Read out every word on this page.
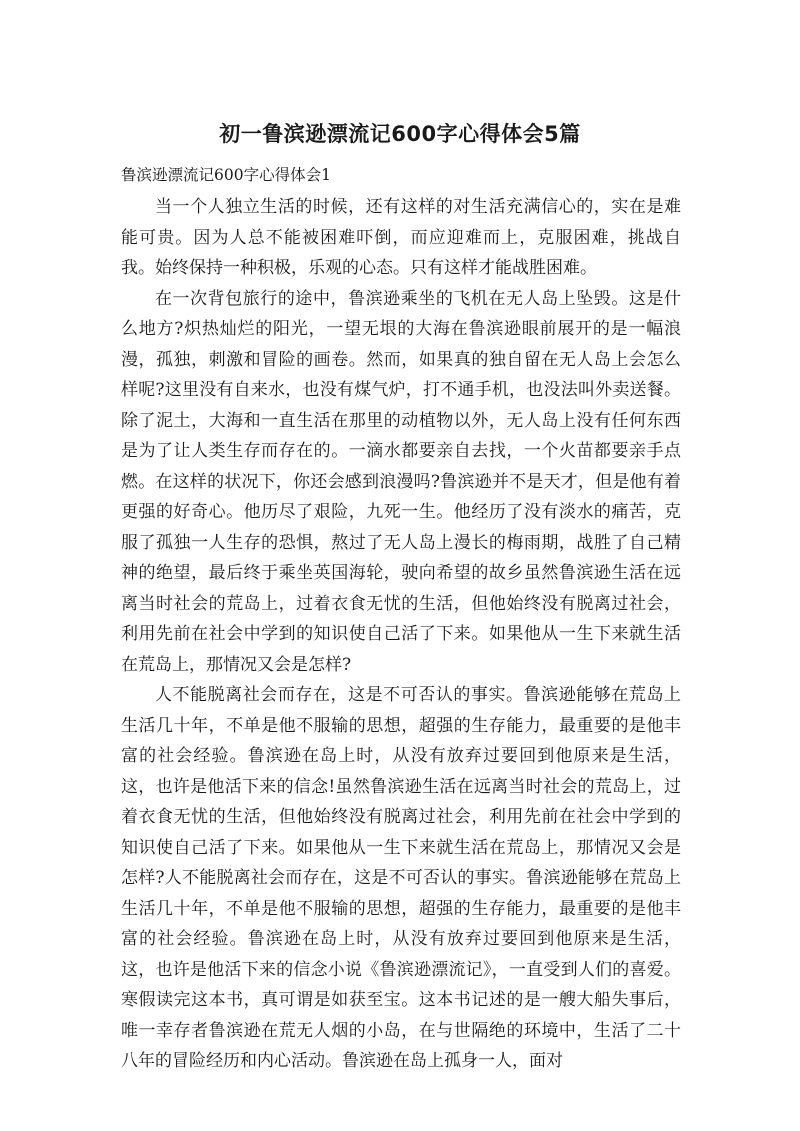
初一鲁滨逊漂流记600字心得体会5篇

鲁滨逊漂流记600字心得体会1

当一个人独立生活的时候，还有这样的对生活充满信心的，实在是难能可贵。因为人总不能被困难吓倒，而应迎难而上，克服困难，挑战自我。始终保持一种积极，乐观的心态。只有这样才能战胜困难。

在一次背包旅行的途中，鲁滨逊乘坐的飞机在无人岛上坠毁。这是什么地方?炽热灿烂的阳光，一望无垠的大海在鲁滨逊眼前展开的是一幅浪漫，孤独，刺激和冒险的画卷。然而，如果真的独自留在无人岛上会怎么样呢?这里没有自来水，也没有煤气炉，打不通手机，也没法叫外卖送餐。除了泥土，大海和一直生活在那里的动植物以外，无人岛上没有任何东西是为了让人类生存而存在的。一滴水都要亲自去找，一个火苗都要亲手点燃。在这样的状况下，你还会感到浪漫吗?鲁滨逊并不是天才，但是他有着更强的好奇心。他历尽了艰险，九死一生。他经历了没有淡水的痛苦，克服了孤独一人生存的恐惧，熬过了无人岛上漫长的梅雨期，战胜了自己精神的绝望，最后终于乘坐英国海轮，驶向希望的故乡虽然鲁滨逊生活在远离当时社会的荒岛上，过着衣食无忧的生活，但他始终没有脱离过社会，利用先前在社会中学到的知识使自己活了下来。如果他从一生下来就生活在荒岛上，那情况又会是怎样?

人不能脱离社会而存在，这是不可否认的事实。鲁滨逊能够在荒岛上生活几十年，不单是他不服输的思想，超强的生存能力，最重要的是他丰富的社会经验。鲁滨逊在岛上时，从没有放弃过要回到他原来是生活，这，也许是他活下来的信念!虽然鲁滨逊生活在远离当时社会的荒岛上，过着衣食无忧的生活，但他始终没有脱离过社会，利用先前在社会中学到的知识使自己活了下来。如果他从一生下来就生活在荒岛上，那情况又会是怎样?人不能脱离社会而存在，这是不可否认的事实。鲁滨逊能够在荒岛上生活几十年，不单是他不服输的思想，超强的生存能力，最重要的是他丰富的社会经验。鲁滨逊在岛上时，从没有放弃过要回到他原来是生活，这，也许是他活下来的信念小说《鲁滨逊漂流记》，一直受到人们的喜爱。寒假读完这本书，真可谓是如获至宝。这本书记述的是一艘大船失事后，唯一幸存者鲁滨逊在荒无人烟的小岛，在与世隔绝的环境中，生活了二十八年的冒险经历和内心活动。鲁滨逊在岛上孤身一人，面对
